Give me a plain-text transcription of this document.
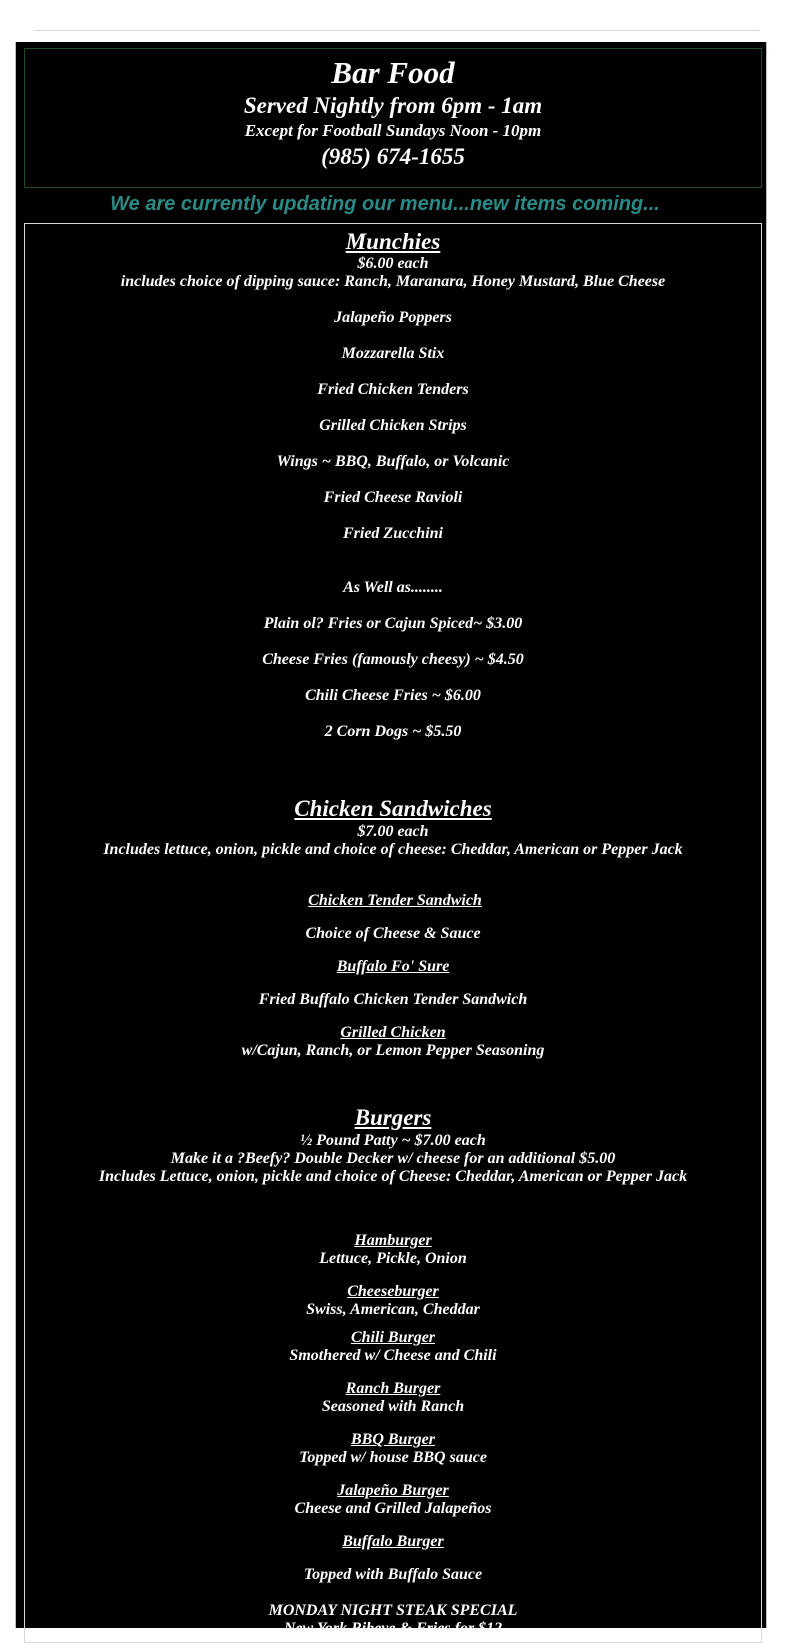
Bar Food
Served Nightly from 6pm - 1am
Except for Football Sundays Noon - 10pm
(985) 674-1655
We are currently updating our menu...new items coming...
Munchies
$6.00 each
includes choice of dipping sauce: Ranch, Maranara, Honey Mustard, Blue Cheese
Jalapeño Poppers
Mozzarella Stix
Fried Chicken Tenders
Grilled Chicken Strips
Wings ~ BBQ, Buffalo, or Volcanic
Fried Cheese Ravioli
Fried Zucchini
As Well as........
Plain ol? Fries or Cajun Spiced~ $3.00
Cheese Fries (famously cheesy) ~ $4.50
Chili Cheese Fries ~ $6.00
2 Corn Dogs ~ $5.50
Chicken Sandwiches
$7.00 each
Includes lettuce, onion, pickle and choice of cheese: Cheddar, American or Pepper Jack
Chicken Tender Sandwich
Choice of Cheese & Sauce
Buffalo Fo' Sure
Fried Buffalo Chicken Tender Sandwich
Grilled Chicken
w/Cajun, Ranch, or Lemon Pepper Seasoning
Burgers
½ Pound Patty ~ $7.00 each
Make it a ?Beefy? Double Decker w/ cheese for an additional $5.00
Includes Lettuce, onion, pickle and choice of Cheese: Cheddar, American or Pepper Jack
Hamburger
Lettuce, Pickle, Onion
Cheeseburger
Swiss, American, Cheddar
Chili Burger
Smothered w/ Cheese and Chili
Ranch Burger
Seasoned with Ranch
BBQ Burger
Topped w/ house BBQ sauce
Jalapeño Burger
Cheese and Grilled Jalapeños
Buffalo Burger
Topped with Buffalo Sauce
MONDAY NIGHT STEAK SPECIAL
New York Ribeye & Fries for $12
